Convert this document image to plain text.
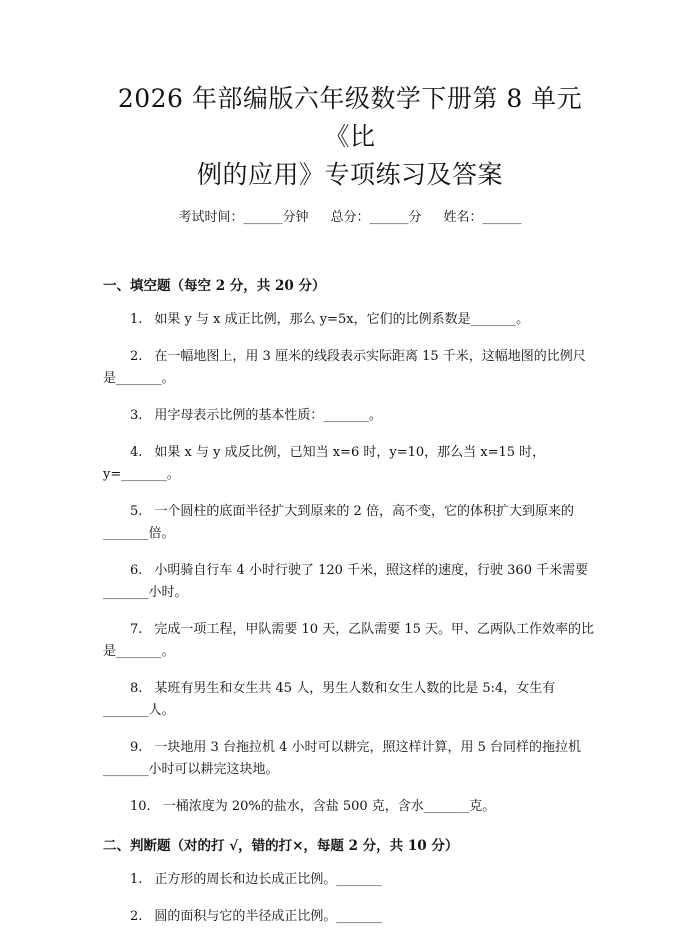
2026 年部编版六年级数学下册第 8 单元《比
例的应用》专项练习及答案
考试时间：______分钟 总分：______分 姓名：______
一、填空题（每空 2 分，共 20 分）

1. 如果 y 与 x 成正比例，那么 y=5x，它们的比例系数是_______。

2. 在一幅地图上，用 3 厘米的线段表示实际距离 15 千米，这幅地图的比例尺是_______。

3. 用字母表示比例的基本性质：_______。

4. 如果 x 与 y 成反比例，已知当 x=6 时，y=10，那么当 x=15 时，y=_______。

5. 一个圆柱的底面半径扩大到原来的 2 倍，高不变，它的体积扩大到原来的_______倍。

6. 小明骑自行车 4 小时行驶了 120 千米，照这样的速度，行驶 360 千米需要_______小时。

7. 完成一项工程，甲队需要 10 天，乙队需要 15 天。甲、乙两队工作效率的比是_______。

8. 某班有男生和女生共 45 人，男生人数和女生人数的比是 5:4，女生有_______人。

9. 一块地用 3 台拖拉机 4 小时可以耕完，照这样计算，用 5 台同样的拖拉机_______小时可以耕完这块地。

10. 一桶浓度为 20%的盐水，含盐 500 克，含水_______克。

二、判断题（对的打 √，错的打×，每题 2 分，共 10 分）

1. 正方形的周长和边长成正比例。_______

2. 圆的面积与它的半径成正比例。_______
